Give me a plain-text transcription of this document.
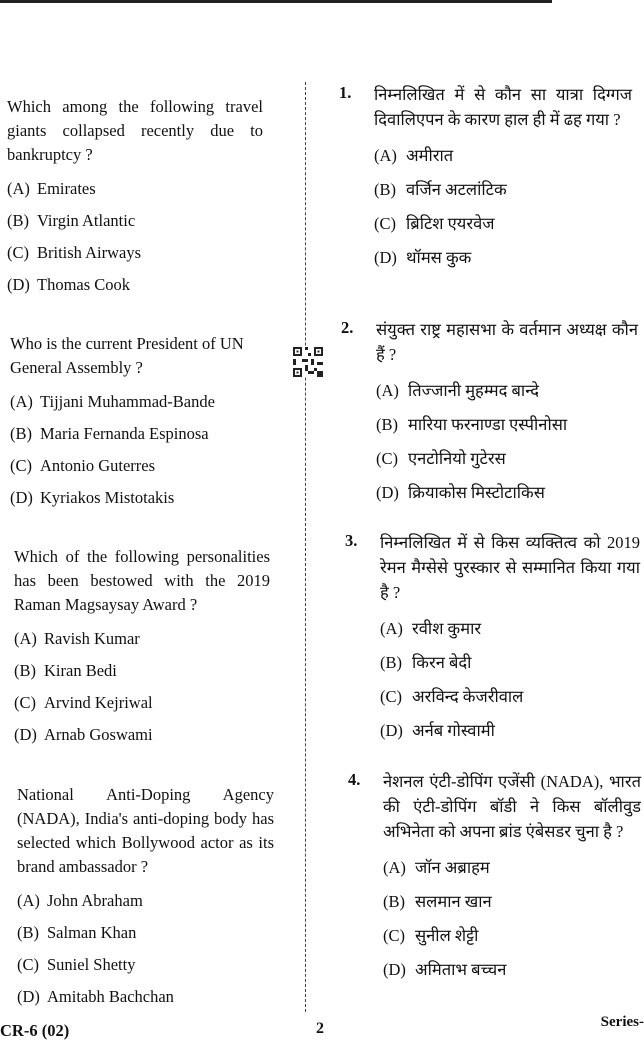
Which among the following travel giants collapsed recently due to bankruptcy ?
(A) Emirates
(B) Virgin Atlantic
(C) British Airways
(D) Thomas Cook
Who is the current President of UN General Assembly ?
(A) Tijjani Muhammad-Bande
(B) Maria Fernanda Espinosa
(C) Antonio Guterres
(D) Kyriakos Mistotakis
Which of the following personalities has been bestowed with the 2019 Raman Magsaysay Award ?
(A) Ravish Kumar
(B) Kiran Bedi
(C) Arvind Kejriwal
(D) Arnab Goswami
National Anti-Doping Agency (NADA), India's anti-doping body has selected which Bollywood actor as its brand ambassador ?
(A) John Abraham
(B) Salman Khan
(C) Suniel Shetty
(D) Amitabh Bachchan
1. निम्नलिखित में से कौन सा यात्रा दिग्गज दिवालिएपन के कारण हाल ही में ढह गया ?
(A) अमीरात
(B) वर्जिन अटलांटिक
(C) ब्रिटिश एयरवेज
(D) थॉमस कुक
2. संयुक्त राष्ट्र महासभा के वर्तमान अध्यक्ष कौन हैं ?
(A) तिज्जानी मुहम्मद बान्दे
(B) मारिया फरनाण्डा एस्पीनोसा
(C) एनटोनियो गुटेरस
(D) क्रियाकोस मिस्टोटाकिस
3. निम्नलिखित में से किस व्यक्तित्व को 2019 रेमन मैग्सेसे पुरस्कार से सम्मानित किया गया है ?
(A) रवीश कुमार
(B) किरन बेदी
(C) अरविन्द केजरीवाल
(D) अर्नब गोस्वामी
4. नेशनल एंटी-डोपिंग एजेंसी (NADA), भारत की एंटी-डोपिंग बॉडी ने किस बॉलीवुड अभिनेता को अपना ब्रांड एंबेसडर चुना है ?
(A) जॉन अब्राहम
(B) सलमान खान
(C) सुनील शेट्टी
(D) अमिताभ बच्चन
CR-6 (02)	2	Series-
